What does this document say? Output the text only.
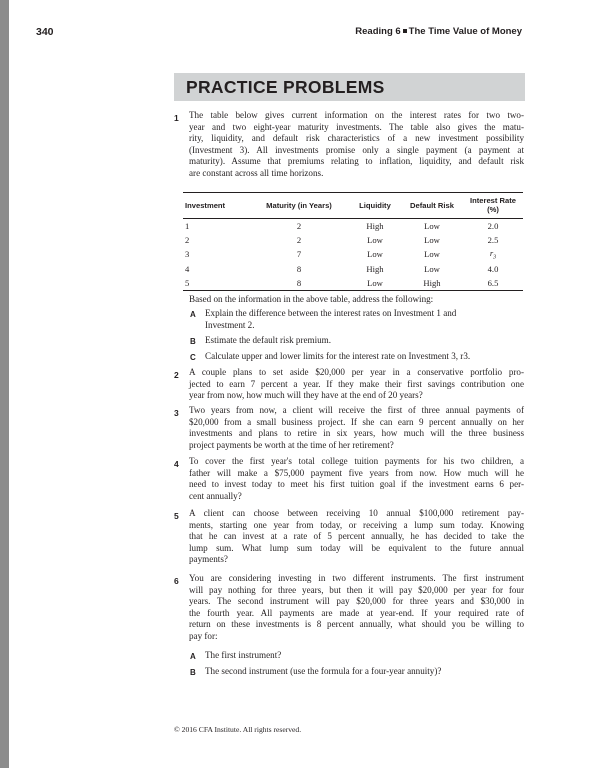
340	Reading 6 The Time Value of Money
PRACTICE PROBLEMS
1 The table below gives current information on the interest rates for two two-
year and two eight-year maturity investments. The table also gives the matu-
rity, liquidity, and default risk characteristics of a new investment possibility
(Investment 3). All investments promise only a single payment (a payment at
maturity). Assume that premiums relating to inflation, liquidity, and default risk
are constant across all time horizons.
Investment	Maturity (in Years)	Liquidity	Default Risk	Interest Rate (%)
1	2	High	Low	2.0
2	2	Low	Low	2.5
3	7	Low	Low	$r_3$
4	8	High	Low	4.0
5	8	Low	High	6.5
Based on the information in the above table, address the following:
A Explain the difference between the interest rates on Investment 1 and
Investment 2.
B Estimate the default risk premium.
C Calculate upper and lower limits for the interest rate on Investment 3, r3.
2 A couple plans to set aside $20,000 per year in a conservative portfolio pro-
jected to earn 7 percent a year. If they make their first savings contribution one
year from now, how much will they have at the end of 20 years?
3 Two years from now, a client will receive the first of three annual payments of
$20,000 from a small business project. If she can earn 9 percent annually on her
investments and plans to retire in six years, how much will the three business
project payments be worth at the time of her retirement?
4 To cover the first year's total college tuition payments for his two children, a
father will make a $75,000 payment five years from now. How much will he
need to invest today to meet his first tuition goal if the investment earns 6 per-
cent annually?
5 A client can choose between receiving 10 annual $100,000 retirement pay-
ments, starting one year from today, or receiving a lump sum today. Knowing
that he can invest at a rate of 5 percent annually, he has decided to take the
lump sum. What lump sum today will be equivalent to the future annual
payments?
6 You are considering investing in two different instruments. The first instrument
will pay nothing for three years, but then it will pay $20,000 per year for four
years. The second instrument will pay $20,000 for three years and $30,000 in
the fourth year. All payments are made at year-end. If your required rate of
return on these investments is 8 percent annually, what should you be willing to
pay for:
A The first instrument?
B The second instrument (use the formula for a four-year annuity)?
© 2016 CFA Institute. All rights reserved.
